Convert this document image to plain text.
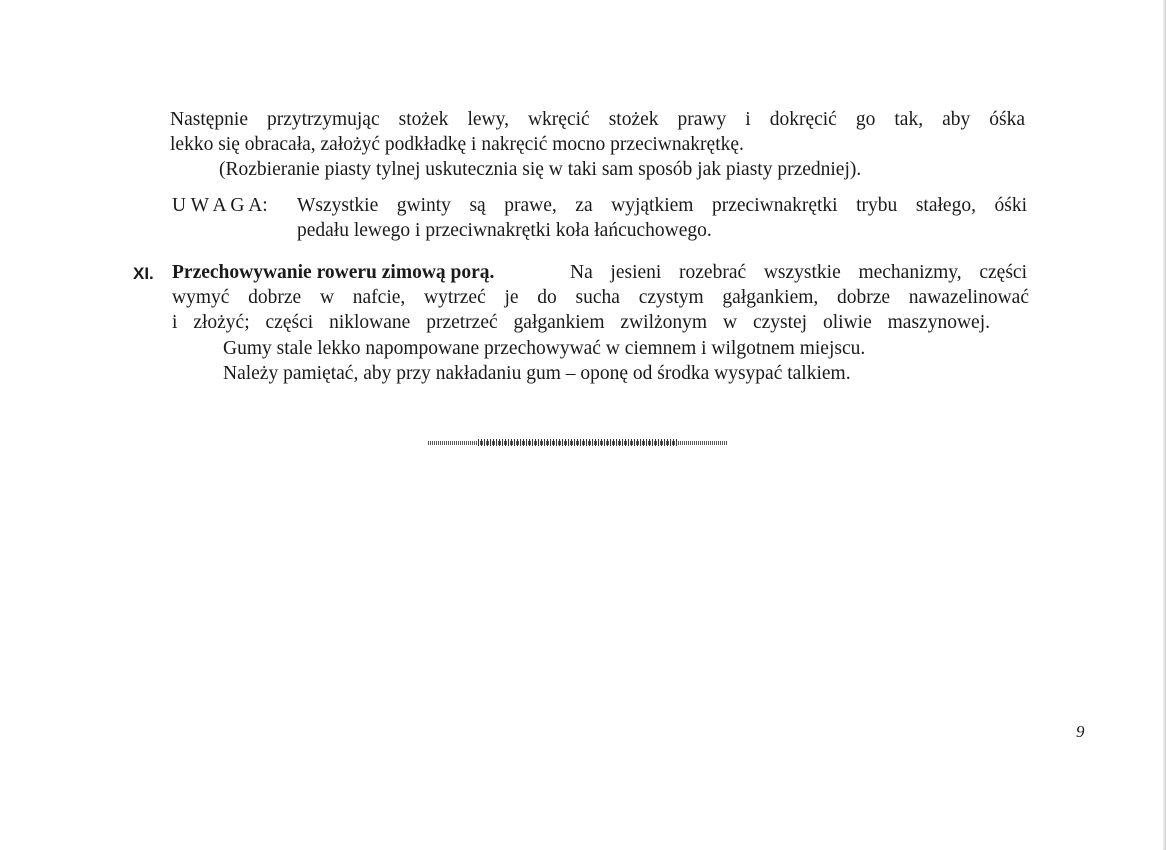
Następnie przytrzymując stożek lewy, wkręcić stożek prawy i dokręcić go tak, aby óśka
lekko się obracała, założyć podkładkę i nakręcić mocno przeciwnakrętkę.
(Rozbieranie piasty tylnej uskutecznia się w taki sam sposób jak piasty przedniej).
U W A G A: Wszystkie gwinty są prawe, za wyjątkiem przeciwnakrętki trybu stałego, óśki
pedału lewego i przeciwnakrętki koła łańcuchowego.
XI. Przechowywanie roweru zimową porą.	Na jesieni rozebrać wszystkie mechanizmy, części
wymyć dobrze w nafcie, wytrzeć je do sucha czystym gałgankiem, dobrze nawazelinować
i złożyć; części niklowane przetrzeć gałgankiem zwilżonym w czystej oliwie maszynowej.
Gumy stale lekko napompowane przechowywać w ciemnem i wilgotnem miejscu.
Należy pamiętać, aby przy nakładaniu gum – oponę od środka wysypać talkiem.
9
